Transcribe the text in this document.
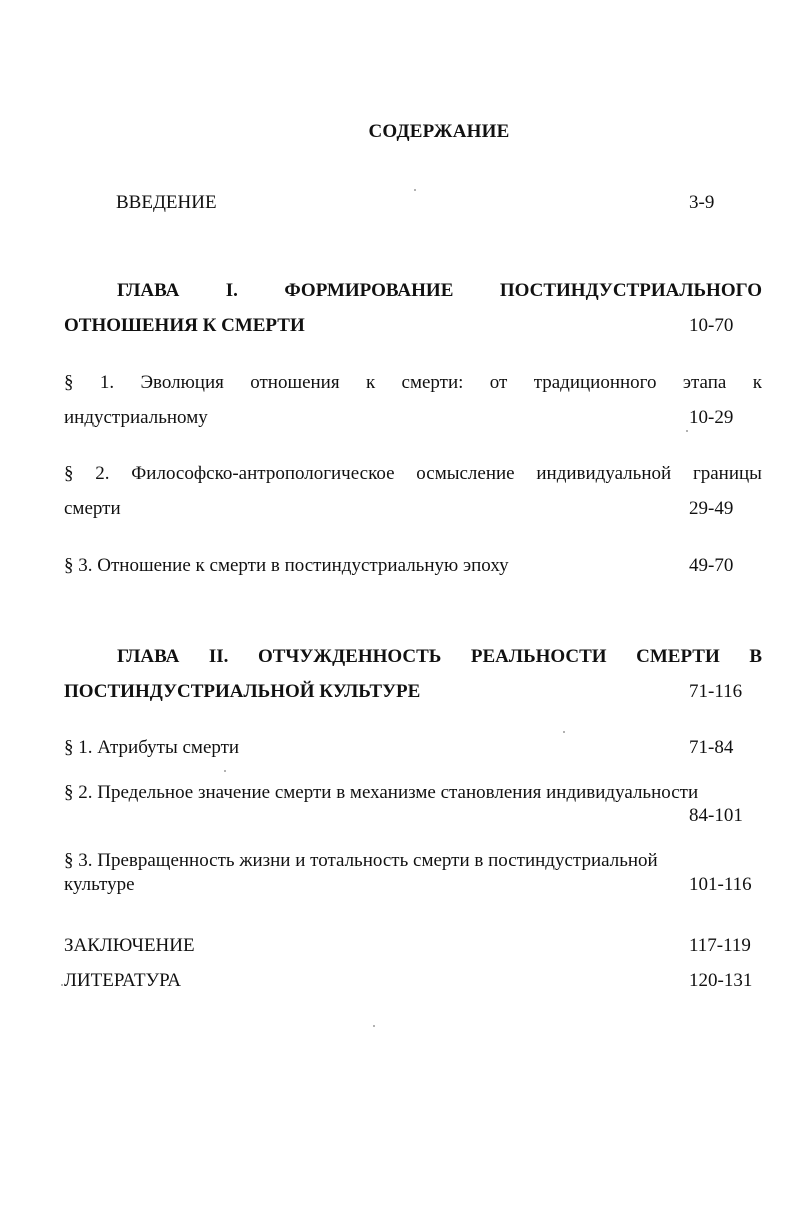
СОДЕРЖАНИЕ
ВВЕДЕНИЕ	3-9
ГЛАВА I. ФОРМИРОВАНИЕ ПОСТИНДУСТРИАЛЬНОГО
ОТНОШЕНИЯ К СМЕРТИ	10-70
§ 1. Эволюция отношения к смерти: от традиционного этапа к
индустриальному	10-29
§ 2. Философско-антропологическое осмысление индивидуальной границы
смерти	29-49
§ 3. Отношение к смерти в постиндустриальную эпоху	49-70
ГЛАВА II. ОТЧУЖДЕННОСТЬ РЕАЛЬНОСТИ СМЕРТИ В
ПОСТИНДУСТРИАЛЬНОЙ КУЛЬТУРЕ	71-116
§ 1. Атрибуты смерти	71-84
§ 2. Предельное значение смерти в механизме становления индивидуальности
84-101
§ 3. Превращенность жизни и тотальность смерти в постиндустриальной
культуре	101-116
ЗАКЛЮЧЕНИЕ	117-119
ЛИТЕРАТУРА	120-131
